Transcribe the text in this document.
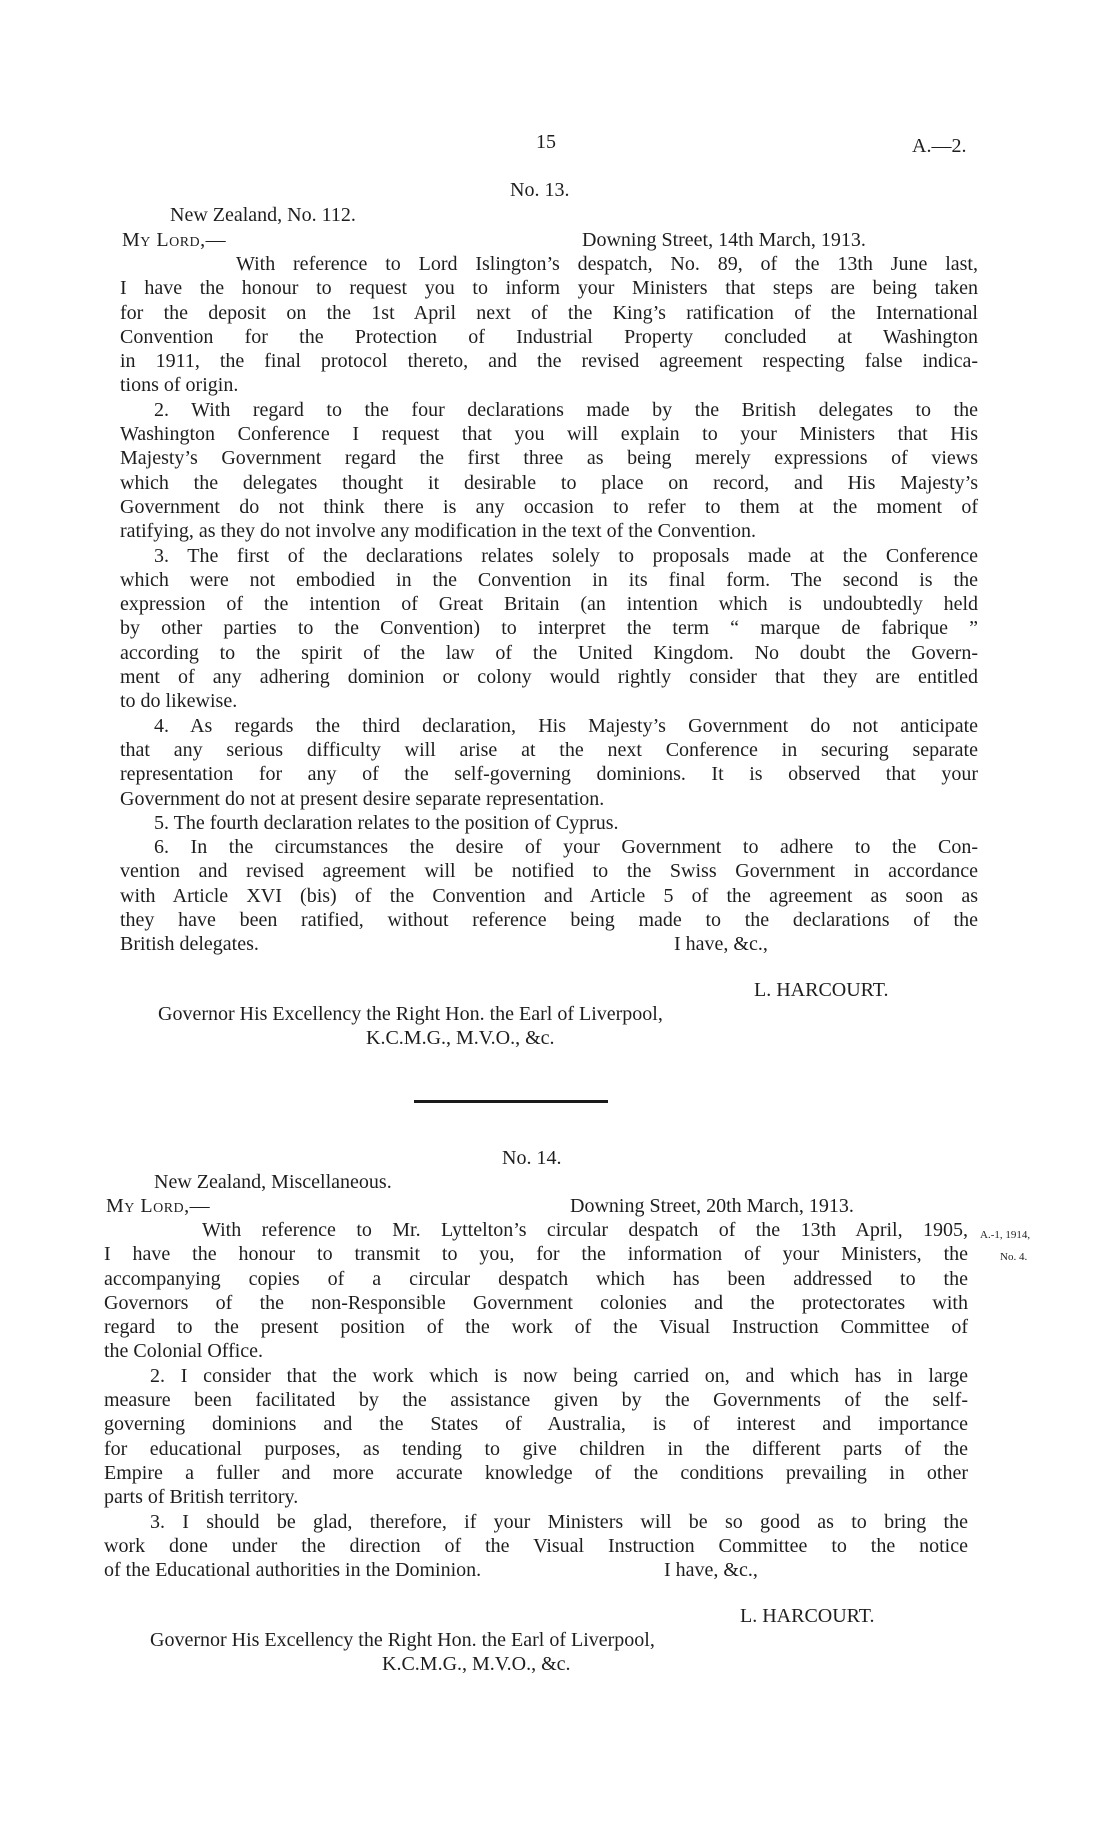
15	A.—2.
No. 13.
New Zealand, No. 112.
My Lord,—	Downing Street, 14th March, 1913.
With reference to Lord Islington’s despatch, No. 89, of the 13th June last,
I have the honour to request you to inform your Ministers that steps are being taken
for the deposit on the 1st April next of the King’s ratification of the International
Convention for the Protection of Industrial Property concluded at Washington
in 1911, the final protocol thereto, and the revised agreement respecting false indica-
tions of origin.
2. With regard to the four declarations made by the British delegates to the
Washington Conference I request that you will explain to your Ministers that His
Majesty’s Government regard the first three as being merely expressions of views
which the delegates thought it desirable to place on record, and His Majesty’s
Government do not think there is any occasion to refer to them at the moment of
ratifying, as they do not involve any modification in the text of the Convention.
3. The first of the declarations relates solely to proposals made at the Conference
which were not embodied in the Convention in its final form. The second is the
expression of the intention of Great Britain (an intention which is undoubtedly held
by other parties to the Convention) to interpret the term “ marque de fabrique ”
according to the spirit of the law of the United Kingdom. No doubt the Govern-
ment of any adhering dominion or colony would rightly consider that they are entitled
to do likewise.
4. As regards the third declaration, His Majesty’s Government do not anticipate
that any serious difficulty will arise at the next Conference in securing separate
representation for any of the self-governing dominions. It is observed that your
Government do not at present desire separate representation.
5. The fourth declaration relates to the position of Cyprus.
6. In the circumstances the desire of your Government to adhere to the Con-
vention and revised agreement will be notified to the Swiss Government in accordance
with Article XVI (bis) of the Convention and Article 5 of the agreement as soon as
they have been ratified, without reference being made to the declarations of the
British delegates.	I have, &c.,
L. HARCOURT.
Governor His Excellency the Right Hon. the Earl of Liverpool,
K.C.M.G., M.V.O., &c.
No. 14.
New Zealand, Miscellaneous.
My Lord,—	Downing Street, 20th March, 1913.
A.-1, 1914,
No. 4.
With reference to Mr. Lyttelton’s circular despatch of the 13th April, 1905,
I have the honour to transmit to you, for the information of your Ministers, the
accompanying copies of a circular despatch which has been addressed to the
Governors of the non-Responsible Government colonies and the protectorates with
regard to the present position of the work of the Visual Instruction Committee of
the Colonial Office.
2. I consider that the work which is now being carried on, and which has in large
measure been facilitated by the assistance given by the Governments of the self-
governing dominions and the States of Australia, is of interest and importance
for educational purposes, as tending to give children in the different parts of the
Empire a fuller and more accurate knowledge of the conditions prevailing in other
parts of British territory.
3. I should be glad, therefore, if your Ministers will be so good as to bring the
work done under the direction of the Visual Instruction Committee to the notice
of the Educational authorities in the Dominion.	I have, &c.,
L. HARCOURT.
Governor His Excellency the Right Hon. the Earl of Liverpool,
K.C.M.G., M.V.O., &c.
